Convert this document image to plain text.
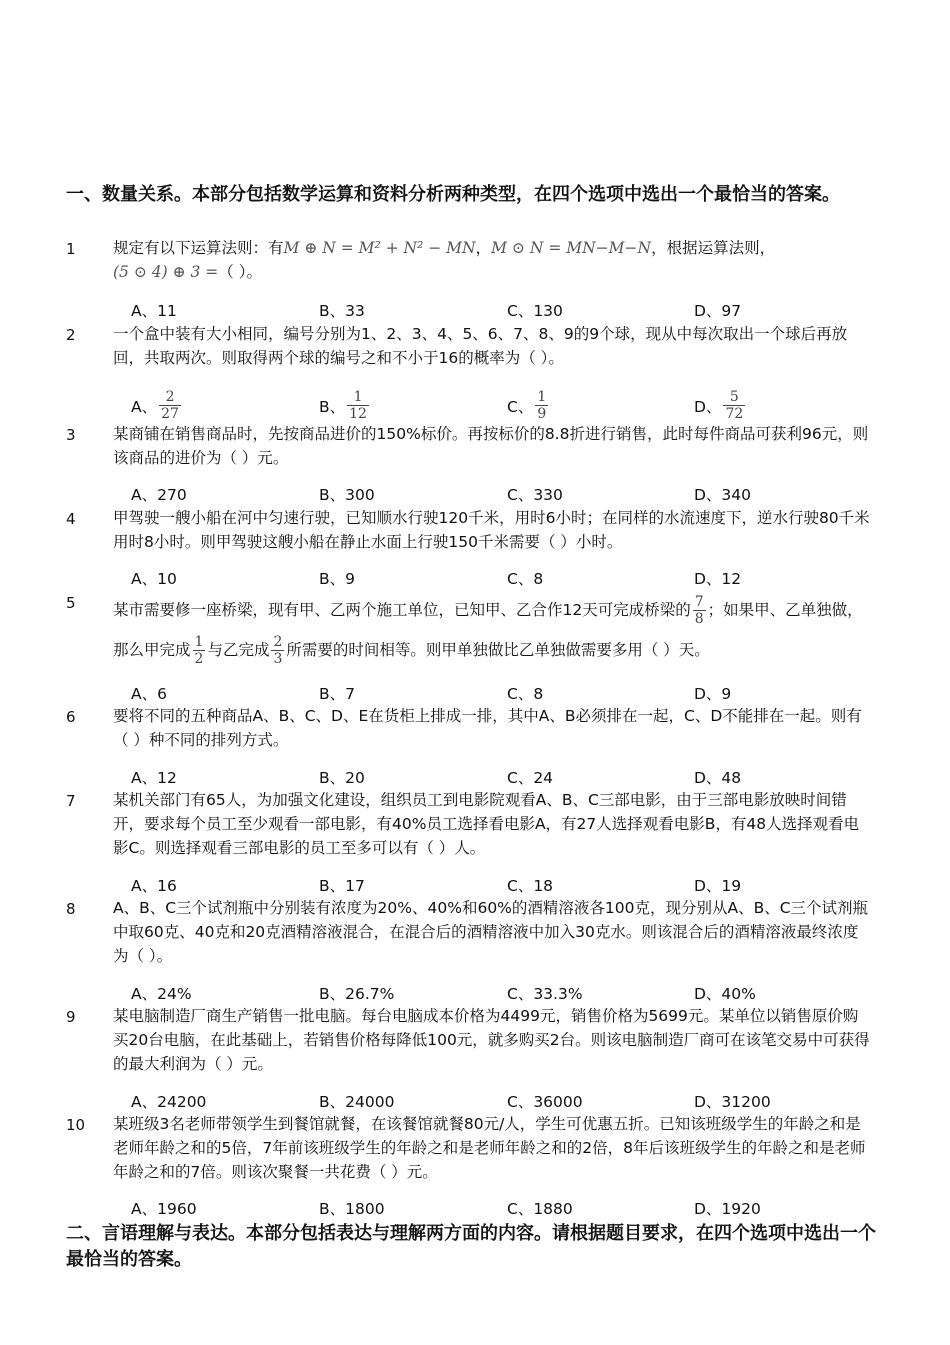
一、数量关系。本部分包括数学运算和资料分析两种类型，在四个选项中选出一个最恰当的答案。
1 规定有以下运算法则：有M ⊕ N = M² + N² − MN，M ⊙ N = MN−M−N，根据运算法则，
(5 ⊙ 4) ⊕ 3 =（ ）。
A、11	B、33	C、130	D、97
2 一个盒中装有大小相同，编号分别为1、2、3、4、5、6、7、8、9的9个球，现从中每次取出一个球后再放回，共取两次。则取得两个球的编号之和不小于16的概率为（ ）。
A、 $\frac{2}{27}$	B、 $\frac{1}{12}$	C、 $\frac{1}{9}$	D、 $\frac{5}{72}$
3 某商铺在销售商品时，先按商品进价的150%标价。再按标价的8.8折进行销售，此时每件商品可获利96元，则该商品的进价为（ ）元。
A、270	B、300	C、330	D、340
4 甲驾驶一艘小船在河中匀速行驶，已知顺水行驶120千米，用时6小时；在同样的水流速度下，逆水行驶80千米用时8小时。则甲驾驶这艘小船在静止水面上行驶150千米需要（ ）小时。
A、10	B、9	C、8	D、12
5 某市需要修一座桥梁，现有甲、乙两个施工单位，已知甲、乙合作12天可完成桥梁的 $\frac{7}{8}$ ；如果甲、乙单独做，那么甲完成 $\frac{1}{2}$ 与乙完成 $\frac{2}{3}$ 所需要的时间相等。则甲单独做比乙单独做需要多用（ ）天。
A、6	B、7	C、8	D、9
6 要将不同的五种商品A、B、C、D、E在货柜上排成一排，其中A、B必须排在一起，C、D不能排在一起。则有（ ）种不同的排列方式。
A、12	B、20	C、24	D、48
7 某机关部门有65人，为加强文化建设，组织员工到电影院观看A、B、C三部电影，由于三部电影放映时间错开，要求每个员工至少观看一部电影，有40%员工选择看电影A，有27人选择观看电影B，有48人选择观看电影C。则选择观看三部电影的员工至多可以有（ ）人。
A、16	B、17	C、18	D、19
8 A、B、C三个试剂瓶中分别装有浓度为20%、40%和60%的酒精溶液各100克，现分别从A、B、C三个试剂瓶中取60克、40克和20克酒精溶液混合，在混合后的酒精溶液中加入30克水。则该混合后的酒精溶液最终浓度为（ ）。
A、24%	B、26.7%	C、33.3%	D、40%
9 某电脑制造厂商生产销售一批电脑。每台电脑成本价格为4499元，销售价格为5699元。某单位以销售原价购买20台电脑，在此基础上，若销售价格每降低100元，就多购买2台。则该电脑制造厂商可在该笔交易中可获得的最大利润为（ ）元。
A、24200	B、24000	C、36000	D、31200
10 某班级3名老师带领学生到餐馆就餐，在该餐馆就餐80元/人，学生可优惠五折。已知该班级学生的年龄之和是老师年龄之和的5倍，7年前该班级学生的年龄之和是老师年龄之和的2倍，8年后该班级学生的年龄之和是老师年龄之和的7倍。则该次聚餐一共花费（ ）元。
A、1960	B、1800	C、1880	D、1920
二、言语理解与表达。本部分包括表达与理解两方面的内容。请根据题目要求，在四个选项中选出一个最恰当的答案。
